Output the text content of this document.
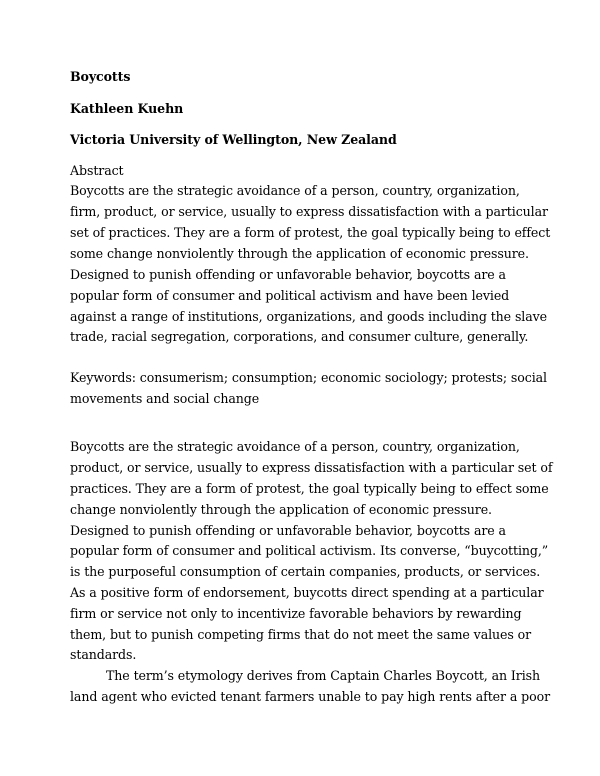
Boycotts
Kathleen Kuehn
Victoria University of Wellington, New Zealand
Abstract
Boycotts are the strategic avoidance of a person, country, organization,
firm, product, or service, usually to express dissatisfaction with a particular
set of practices. They are a form of protest, the goal typically being to effect
some change nonviolently through the application of economic pressure.
Designed to punish offending or unfavorable behavior, boycotts are a
popular form of consumer and political activism and have been levied
against a range of institutions, organizations, and goods including the slave
trade, racial segregation, corporations, and consumer culture, generally.
Keywords: consumerism; consumption; economic sociology; protests; social
movements and social change
Boycotts are the strategic avoidance of a person, country, organization,
product, or service, usually to express dissatisfaction with a particular set of
practices. They are a form of protest, the goal typically being to effect some
change nonviolently through the application of economic pressure.
Designed to punish offending or unfavorable behavior, boycotts are a
popular form of consumer and political activism. Its converse, “buycotting,”
is the purposeful consumption of certain companies, products, or services.
As a positive form of endorsement, buycotts direct spending at a particular
firm or service not only to incentivize favorable behaviors by rewarding
them, but to punish competing firms that do not meet the same values or
standards.
The term’s etymology derives from Captain Charles Boycott, an Irish
land agent who evicted tenant farmers unable to pay high rents after a poor
